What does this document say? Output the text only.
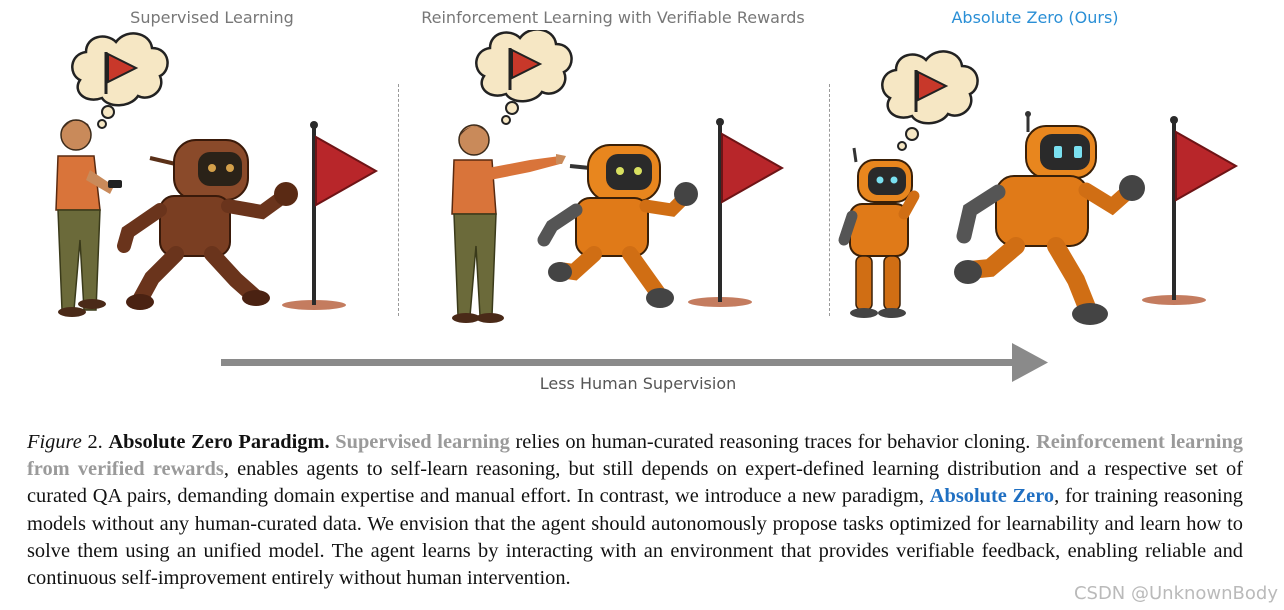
Supervised Learning	Reinforcement Learning with Verifiable Rewards	Absolute Zero (Ours)
Less Human Supervision
Figure 2. Absolute Zero Paradigm. Supervised learning relies on human-curated reasoning traces for behavior cloning. Reinforcement learning from verified rewards, enables agents to self-learn reasoning, but still depends on expert-defined learning distribution and a respective set of curated QA pairs, demanding domain expertise and manual effort. In contrast, we introduce a new paradigm, Absolute Zero, for training reasoning models without any human-curated data. We envision that the agent should autonomously propose tasks optimized for learnability and learn how to solve them using an unified model. The agent learns by interacting with an environment that provides verifiable feedback, enabling reliable and continuous self-improvement entirely without human intervention.
CSDN @UnknownBody
